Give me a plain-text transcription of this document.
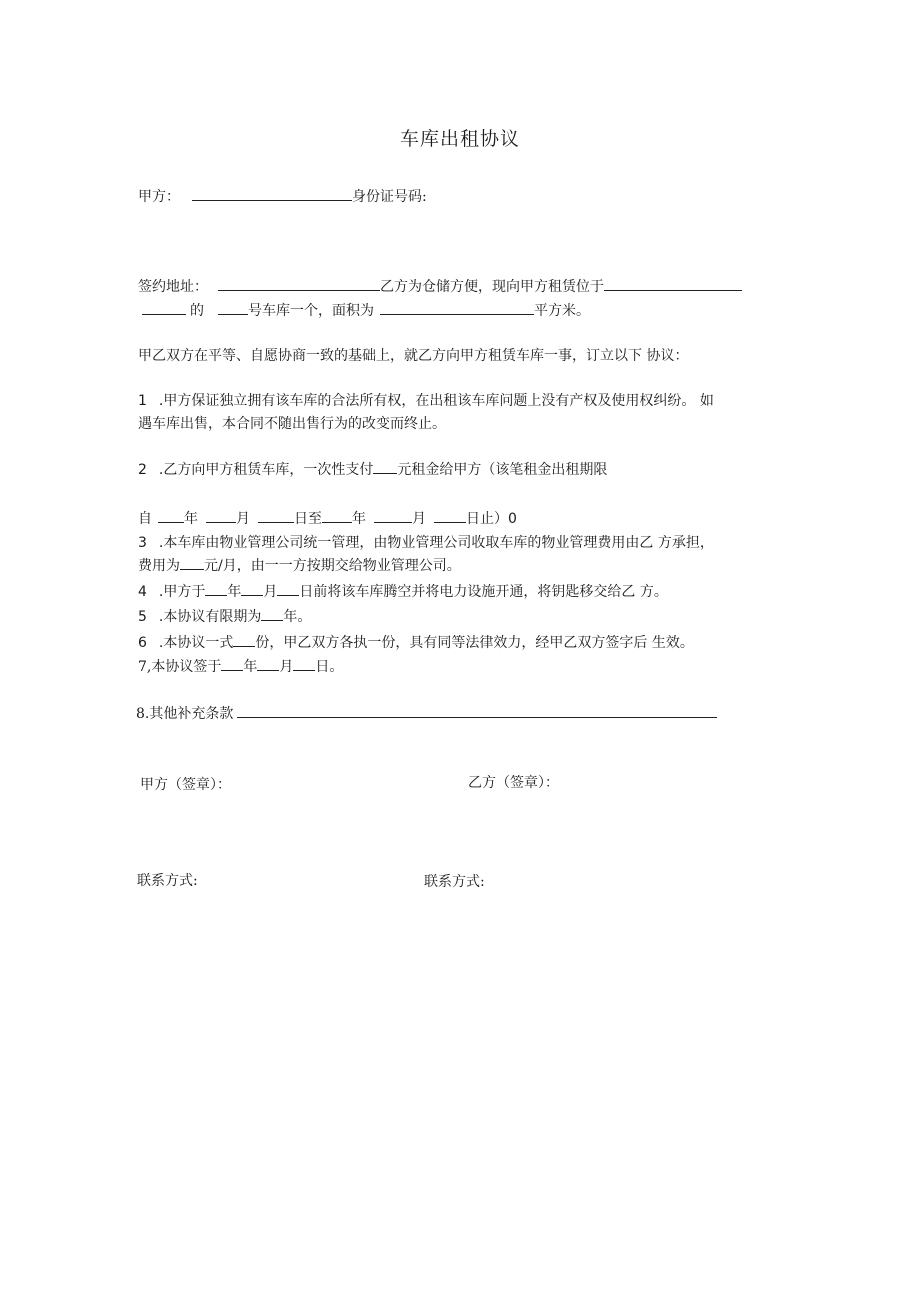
车库出租协议
甲方：	身份证号码:
签约地址：	乙方为仓储方便，现向甲方租赁位于
的	号车库一个，面积为	平方米。
甲乙双方在平等、自愿协商一致的基础上，就乙方向甲方租赁车库一事，订立以下 协议：
1 .甲方保证独立拥有该车库的合法所有权，在出租该车库问题上没有产权及使用权纠纷。 如
遇车库出售，本合同不随出售行为的改变而终止。
2 .乙方向甲方租赁车库，一次性支付 元租金给甲方（该笔租金出租期限
自 年	月	日至 年	月	日止）0
3 .本车库由物业管理公司统一管理，由物业管理公司收取车库的物业管理费用由乙 方承担，
费用为 元/月，由一一方按期交给物业管理公司。
4 .甲方于 年 月 日前将该车库腾空并将电力设施开通，将钥匙移交给乙 方。
5 .本协议有限期为 年。
6 .本协议一式 份，甲乙双方各执一份，具有同等法律效力，经甲乙双方签字后 生效。
7,本协议签于 年 月 日。
8.其他补充条款
甲方（签章）：	乙方（签章）：
联系方式:	联系方式:
